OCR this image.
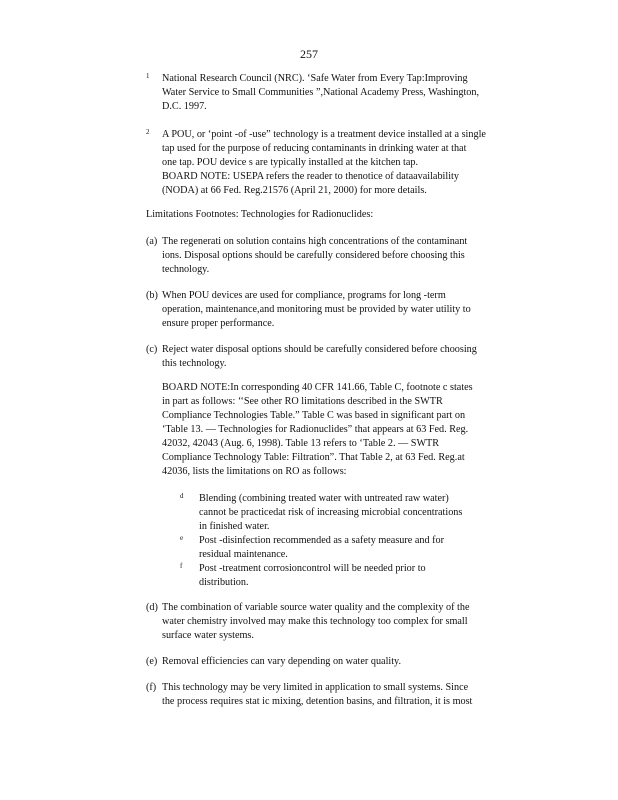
257
1 National Research Council (NRC). ‘Safe Water from Every Tap:Improving
Water Service to Small Communities ”,National Academy Press, Washington,
D.C. 1997.
2 A POU, or ‘point -of -use” technology is a treatment device installed at a single
tap used for the purpose of reducing contaminants in drinking water at that
one tap. POU device s are typically installed at the kitchen tap.
BOARD NOTE: USEPA refers the reader to thenotice of dataavailability
(NODA) at 66 Fed. Reg.21576 (April 21, 2000) for more details.
Limitations Footnotes: Technologies for Radionuclides:
(a) The regenerati on solution contains high concentrations of the contaminant
ions. Disposal options should be carefully considered before choosing this
technology.
(b) When POU devices are used for compliance, programs for long -term
operation, maintenance,and monitoring must be provided by water utility to
ensure proper performance.
(c) Reject water disposal options should be carefully considered before choosing
this technology.
BOARD NOTE:In corresponding 40 CFR 141.66, Table C, footnote c states
in part as follows: ‘‘See other RO limitations described in the SWTR
Compliance Technologies Table.” Table C was based in significant part on
‘Table 13. — Technologies for Radionuclides” that appears at 63 Fed. Reg.
42032, 42043 (Aug. 6, 1998). Table 13 refers to ‘Table 2. — SWTR
Compliance Technology Table: Filtration”. That Table 2, at 63 Fed. Reg.at
42036, lists the limitations on RO as follows:
d Blending (combining treated water with untreated raw water)
cannot be practicedat risk of increasing microbial concentrations
in finished water.
e Post -disinfection recommended as a safety measure and for
residual maintenance.
f Post -treatment corrosioncontrol will be needed prior to
distribution.
(d) The combination of variable source water quality and the complexity of the
water chemistry involved may make this technology too complex for small
surface water systems.
(e) Removal efficiencies can vary depending on water quality.
(f) This technology may be very limited in application to small systems. Since
the process requires stat ic mixing, detention basins, and filtration, it is most
